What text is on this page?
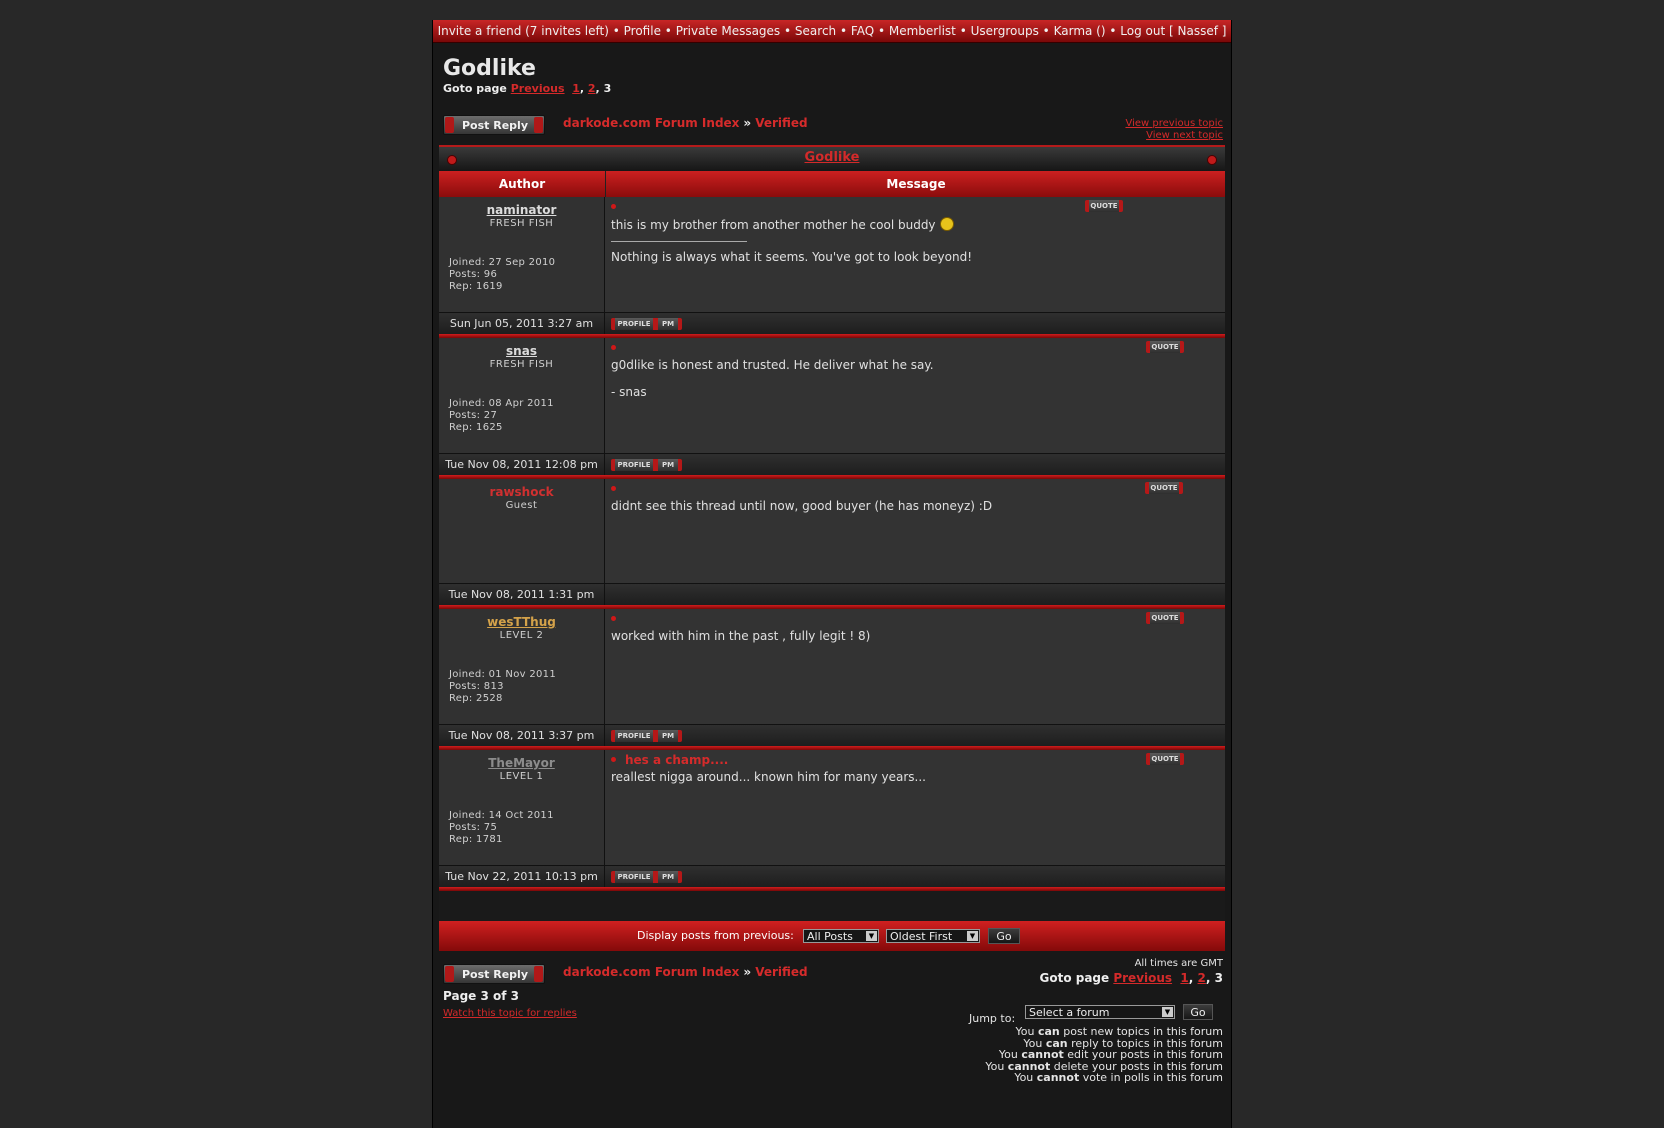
Invite a friend (7 invites left) • Profile • Private Messages • Search • FAQ • Memberlist • Usergroups • Karma () • Log out [ Nassef ]
Godlike
Goto page Previous 1, 2, 3
Post Reply	darkode.com Forum Index » Verified	View previous topic
View next topic
Godlike
Author	Message
naminator
FRESH FISH
Joined: 27 Sep 2010
Posts: 96
Rep: 1619
QUOTE
this is my brother from another mother he cool buddy
Nothing is always what it seems. You've got to look beyond!
Sun Jun 05, 2011 3:27 am	PROFILE	PM
snas
FRESH FISH
Joined: 08 Apr 2011
Posts: 27
Rep: 1625
QUOTE
g0dlike is honest and trusted. He deliver what he say.
- snas
Tue Nov 08, 2011 12:08 pm	PROFILE	PM
rawshock
Guest
QUOTE
didnt see this thread until now, good buyer (he has moneyz) :D
Tue Nov 08, 2011 1:31 pm
wesTThug
LEVEL 2
Joined: 01 Nov 2011
Posts: 813
Rep: 2528
QUOTE
worked with him in the past , fully legit ! 8)
Tue Nov 08, 2011 3:37 pm	PROFILE	PM
TheMayor
LEVEL 1
Joined: 14 Oct 2011
Posts: 75
Rep: 1781
hes a champ....	QUOTE
reallest nigga around... known him for many years...
Tue Nov 22, 2011 10:13 pm	PROFILE	PM
Display posts from previous:	All Posts	▼	Oldest First	▼	Go
Post Reply	darkode.com Forum Index » Verified
All times are GMT
Goto page Previous 1, 2, 3
Page 3 of 3
Watch this topic for replies	Jump to:	Select a forum	▼	Go
You can post new topics in this forum
You can reply to topics in this forum
You cannot edit your posts in this forum
You cannot delete your posts in this forum
You cannot vote in polls in this forum
